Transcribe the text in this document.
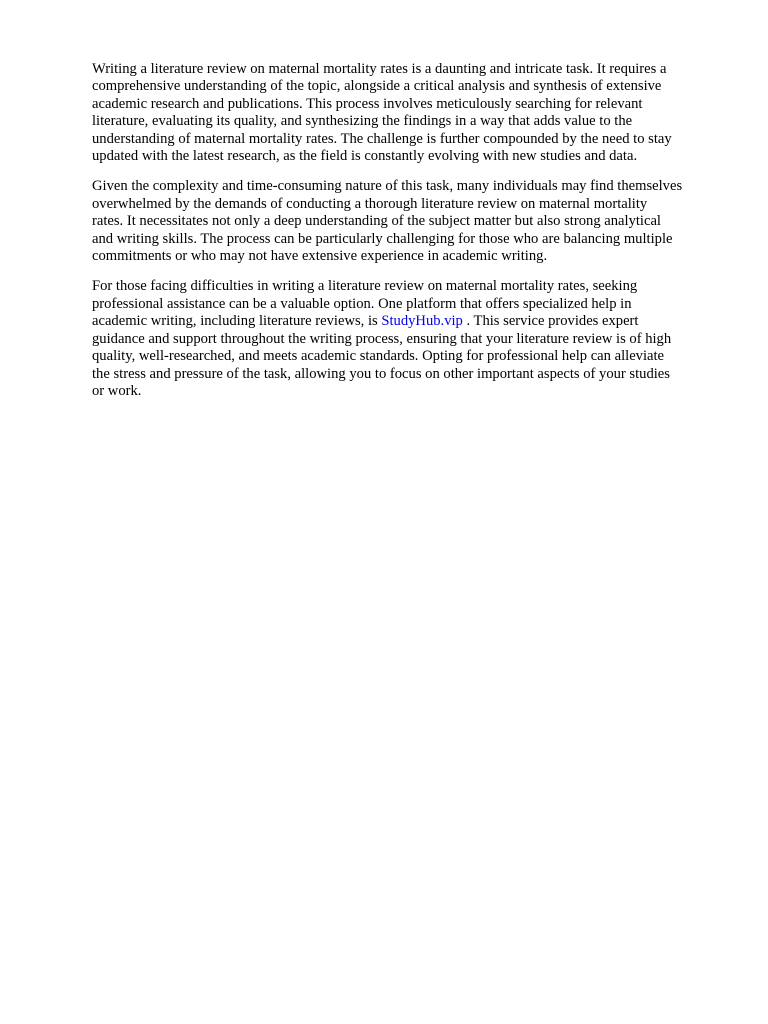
Writing a literature review on maternal mortality rates is a daunting and intricate task. It requires a
comprehensive understanding of the topic, alongside a critical analysis and synthesis of extensive
academic research and publications. This process involves meticulously searching for relevant
literature, evaluating its quality, and synthesizing the findings in a way that adds value to the
understanding of maternal mortality rates. The challenge is further compounded by the need to stay
updated with the latest research, as the field is constantly evolving with new studies and data.

Given the complexity and time-consuming nature of this task, many individuals may find themselves
overwhelmed by the demands of conducting a thorough literature review on maternal mortality
rates. It necessitates not only a deep understanding of the subject matter but also strong analytical
and writing skills. The process can be particularly challenging for those who are balancing multiple
commitments or who may not have extensive experience in academic writing.

For those facing difficulties in writing a literature review on maternal mortality rates, seeking
professional assistance can be a valuable option. One platform that offers specialized help in
academic writing, including literature reviews, is StudyHub.vip . This service provides expert
guidance and support throughout the writing process, ensuring that your literature review is of high
quality, well-researched, and meets academic standards. Opting for professional help can alleviate
the stress and pressure of the task, allowing you to focus on other important aspects of your studies
or work.
